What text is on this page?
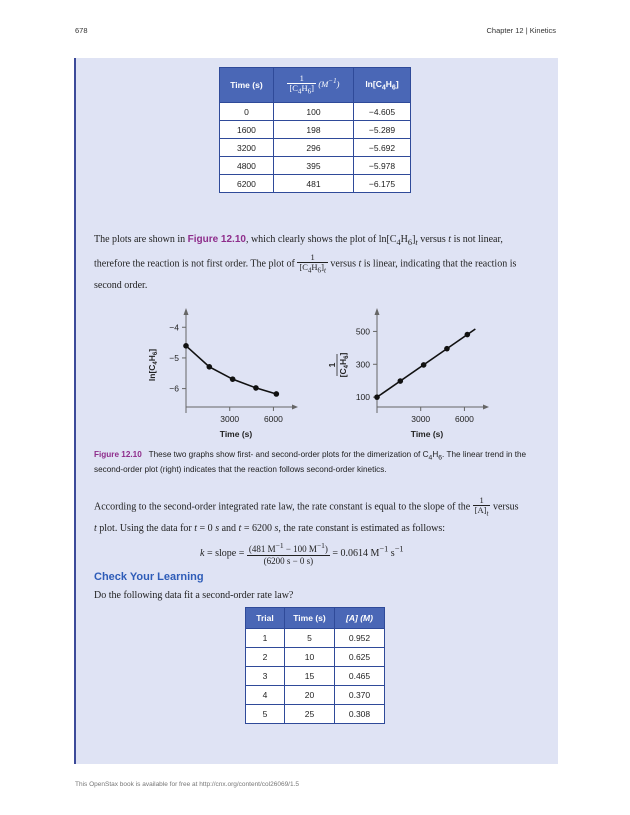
678	Chapter 12 | Kinetics
Time (s)	$\frac{1}{[C_4H_6]} (M^{-1})$	$\ln[C_4H_6]$
0	100	−4.605
1600	198	−5.289
3200	296	−5.692
4800	395	−5.978
6200	481	−6.175
The plots are shown in Figure 12.10, which clearly shows the plot of $\ln[C_4H_6]_t$ versus t is not linear,
therefore the reaction is not first order. The plot of $\frac{1}{[C_4H_6]_t}$ versus t is linear, indicating that the reaction is
second order.
−4
−5
−6
3000	6000
Time (s)
500
300
100
3000	6000
Time (s)
$\ln[C_4H_6]$
1
$[C_4H_6]$
Figure 12.10 These two graphs show first- and second-order plots for the dimerization of $C_4H_6$. The linear trend in the second-order plot (right) indicates that the reaction follows second-order kinetics.
According to the second-order integrated rate law, the rate constant is equal to the slope of the $\frac{1}{[A]_t}$ versus
t plot. Using the data for t = 0 s and t = 6200 s, the rate constant is estimated as follows:
k = slope = $\frac{(481 M^{-1} - 100 M^{-1})}{(6200 s - 0 s)} = 0.0614$ $M^{-1}$ $s^{-1}$
Check Your Learning
Do the following data fit a second-order rate law?
Trial	Time (s)	[A] (M)
1	5	0.952
2	10	0.625
3	15	0.465
4	20	0.370
5	25	0.308
This OpenStax book is available for free at http://cnx.org/content/col26069/1.5
